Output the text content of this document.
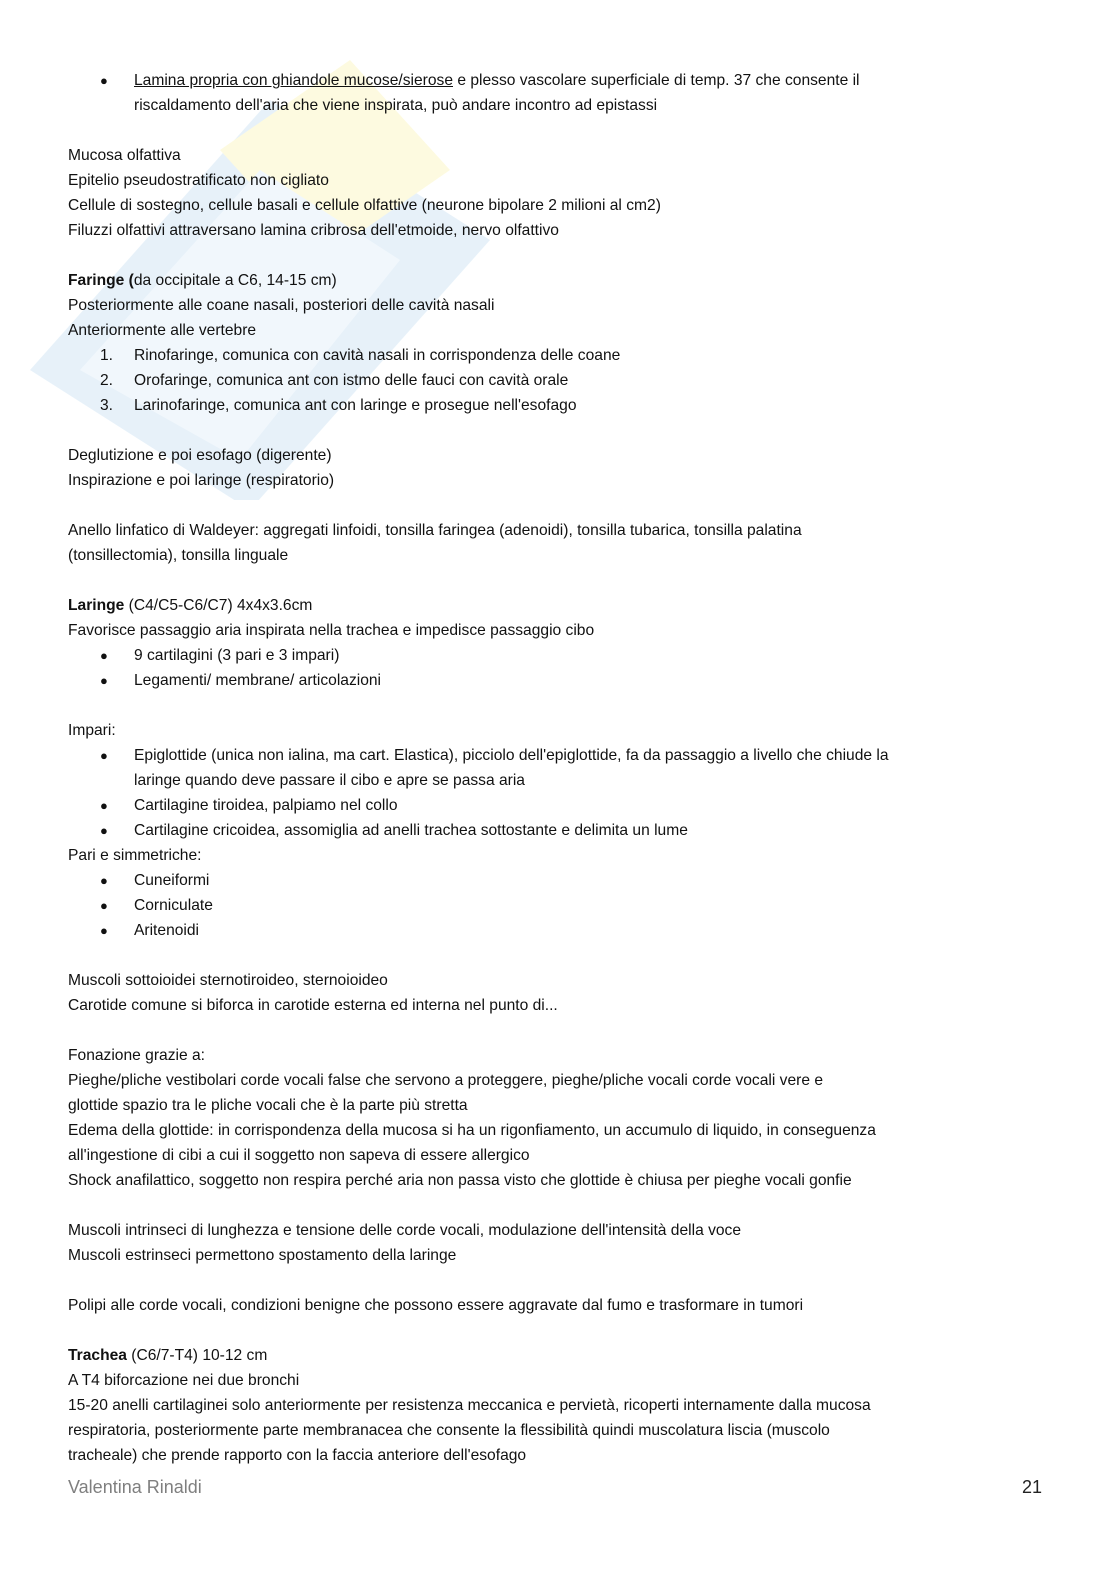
● Lamina propria con ghiandole mucose/sierose e plesso vascolare superficiale di temp. 37 che consente il
riscaldamento dell'aria che viene inspirata, può andare incontro ad epistassi
Mucosa olfattiva
Epitelio pseudostratificato non cigliato
Cellule di sostegno, cellule basali e cellule olfattive (neurone bipolare 2 milioni al cm2)
Filuzzi olfattivi attraversano lamina cribrosa dell'etmoide, nervo olfattivo
Faringe (da occipitale a C6, 14-15 cm)
Posteriormente alle coane nasali, posteriori delle cavità nasali
Anteriormente alle vertebre
1. Rinofaringe, comunica con cavità nasali in corrispondenza delle coane
2. Orofaringe, comunica ant con istmo delle fauci con cavità orale
3. Larinofaringe, comunica ant con laringe e prosegue nell'esofago
Deglutizione e poi esofago (digerente)
Inspirazione e poi laringe (respiratorio)
Anello linfatico di Waldeyer: aggregati linfoidi, tonsilla faringea (adenoidi), tonsilla tubarica, tonsilla palatina
(tonsillectomia), tonsilla linguale
Laringe (C4/C5-C6/C7) 4x4x3.6cm
Favorisce passaggio aria inspirata nella trachea e impedisce passaggio cibo
● 9 cartilagini (3 pari e 3 impari)
● Legamenti/ membrane/ articolazioni
Impari:
● Epiglottide (unica non ialina, ma cart. Elastica), picciolo dell'epiglottide, fa da passaggio a livello che chiude la
laringe quando deve passare il cibo e apre se passa aria
● Cartilagine tiroidea, palpiamo nel collo
● Cartilagine cricoidea, assomiglia ad anelli trachea sottostante e delimita un lume
Pari e simmetriche:
● Cuneiformi
● Corniculate
● Aritenoidi
Muscoli sottoioidei sternotiroideo, sternoioideo
Carotide comune si biforca in carotide esterna ed interna nel punto di...
Fonazione grazie a:
Pieghe/pliche vestibolari corde vocali false che servono a proteggere, pieghe/pliche vocali corde vocali vere e
glottide spazio tra le pliche vocali che è la parte più stretta
Edema della glottide: in corrispondenza della mucosa si ha un rigonfiamento, un accumulo di liquido, in conseguenza
all'ingestione di cibi a cui il soggetto non sapeva di essere allergico
Shock anafilattico, soggetto non respira perché aria non passa visto che glottide è chiusa per pieghe vocali gonfie
Muscoli intrinseci di lunghezza e tensione delle corde vocali, modulazione dell'intensità della voce
Muscoli estrinseci permettono spostamento della laringe
Polipi alle corde vocali, condizioni benigne che possono essere aggravate dal fumo e trasformare in tumori
Trachea (C6/7-T4) 10-12 cm
A T4 biforcazione nei due bronchi
15-20 anelli cartilaginei solo anteriormente per resistenza meccanica e pervietà, ricoperti internamente dalla mucosa
respiratoria, posteriormente parte membranacea che consente la flessibilità quindi muscolatura liscia (muscolo
tracheale) che prende rapporto con la faccia anteriore dell'esofago
Valentina Rinaldi	21
